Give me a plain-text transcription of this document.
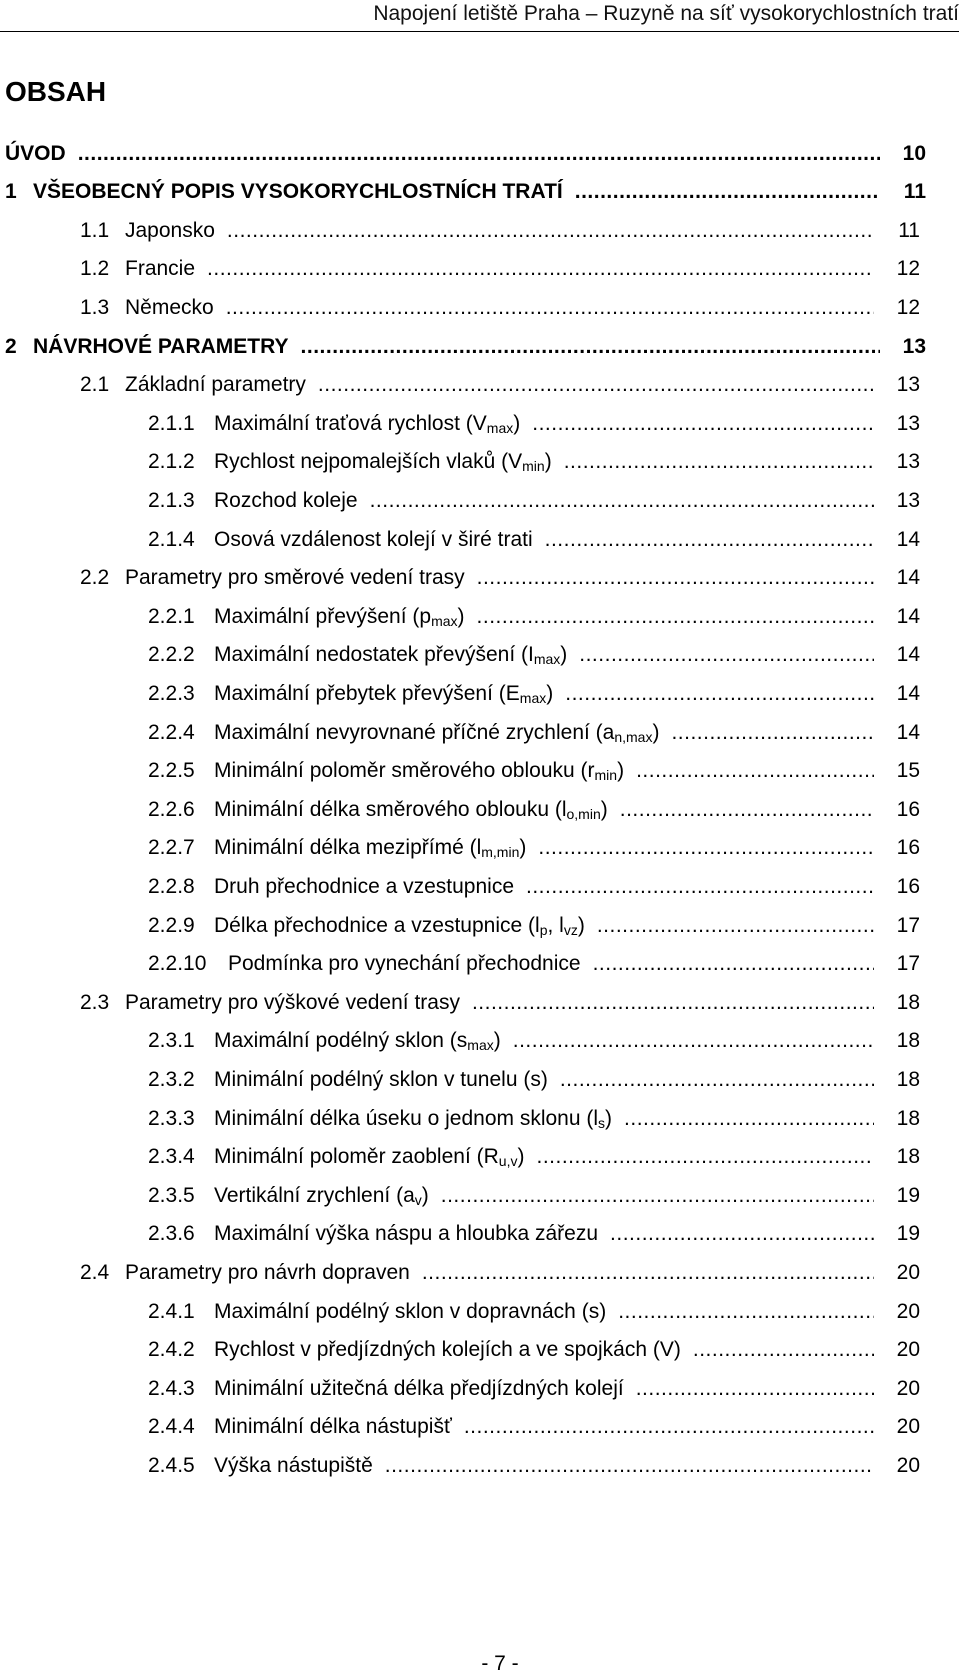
Napojení letiště Praha – Ruzyně na síť vysokorychlostních tratí
OBSAH
ÚVOD .....	10
1 VŠEOBECNÝ POPIS VYSOKORYCHLOSTNÍCH TRATÍ .....	11
1.1 Japonsko .....	11
1.2 Francie .....	12
1.3 Německo .....	12
2 NÁVRHOVÉ PARAMETRY .....	13
2.1 Základní parametry .....	13
2.1.1 Maximální traťová rychlost $(V_{max})$ .....	13
2.1.2 Rychlost nejpomalejších vlaků $(V_{min})$ .....	13
2.1.3 Rozchod koleje .....	13
2.1.4 Osová vzdálenost kolejí v širé trati .....	14
2.2 Parametry pro směrové vedení trasy .....	14
2.2.1 Maximální převýšení $(p_{max})$ .....	14
2.2.2 Maximální nedostatek převýšení $(I_{max})$ .....	14
2.2.3 Maximální přebytek převýšení $(E_{max})$ .....	14
2.2.4 Maximální nevyrovnané příčné zrychlení $(a_{n,max})$ .....	14
2.2.5 Minimální poloměr směrového oblouku $(r_{min})$ .....	15
2.2.6 Minimální délka směrového oblouku $(l_{o,min})$ .....	16
2.2.7 Minimální délka mezipřímé $(l_{m,min})$ .....	16
2.2.8 Druh přechodnice a vzestupnice .....	16
2.2.9 Délka přechodnice a vzestupnice ($l_p$, $l_{vz}$) .....	17
2.2.10	Podmínka pro vynechání přechodnice .....	17
2.3 Parametry pro výškové vedení trasy .....	18
2.3.1 Maximální podélný sklon $(s_{max})$ .....	18
2.3.2 Minimální podélný sklon v tunelu (s) .....	18
2.3.3 Minimální délka úseku o jednom sklonu $(l_s)$ .....	18
2.3.4 Minimální poloměr zaoblení $(R_{u,v})$ .....	18
2.3.5 Vertikální zrychlení $(a_v)$ .....	19
2.3.6 Maximální výška náspu a hloubka zářezu .....	19
2.4 Parametry pro návrh dopraven .....	20
2.4.1 Maximální podélný sklon v dopravnách (s) .....	20
2.4.2 Rychlost v předjízdných kolejích a ve spojkách (V) .....	20
2.4.3 Minimální užitečná délka předjízdných kolejí .....	20
2.4.4 Minimální délka nástupišť .....	20
2.4.5 Výška nástupiště .....	20
- 7 -
